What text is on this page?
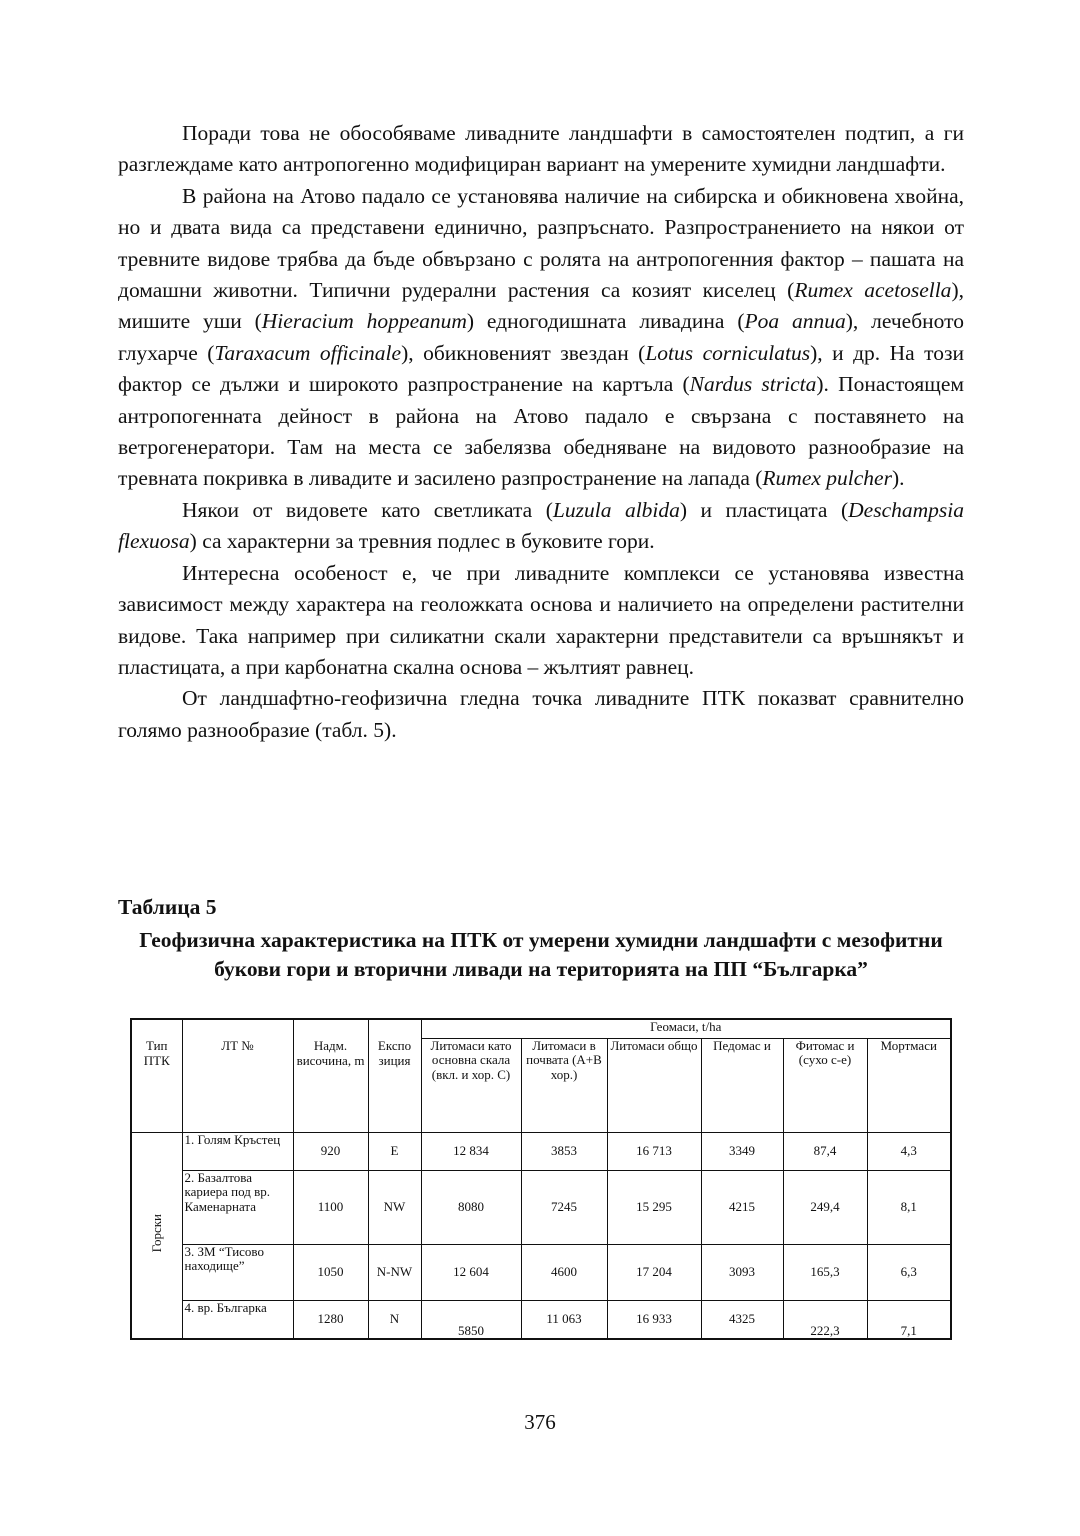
Поради това не обособяваме ливадните ландшафти в самостоятелен подтип, а ги разглеждаме като антропогенно модифициран вариант на умерените хумидни ландшафти.

В района на Атово падало се установява наличие на сибирска и обикновена хвойна, но и двата вида са представени единично, разпръснато. Разпространението на някои от тревните видове трябва да бъде обвързано с ролята на антропогенния фактор – пашата на домашни животни. Типични рудерални растения са козият киселец (Rumex acetosella), мишите уши (Hieracium hoppeanum) едногодишната ливадина (Poa annua), лечебното глухарче (Taraxacum officinale), обикновеният звездан (Lotus corniculatus), и др. На този фактор се дължи и широкото разпространение на картъла (Nardus stricta). Понастоящем антропогенната дейност в района на Атово падало е свързана с поставянето на ветрогенератори. Там на места се забелязва обедняване на видовото разнообразие на тревната покривка в ливадите и засилено разпространение на лапада (Rumex pulcher).

Някои от видовете като светликата (Luzula albida) и пластицата (Deschampsia flexuosa) са характерни за тревния подлес в буковите гори.

Интересна особеност е, че при ливадните комплекси се установява известна зависимост между характера на геоложката основа и наличието на определени растителни видове. Така например при силикатни скали характерни представители са връшнякът и пластицата, а при карбонатна скална основа – жълтият равнец.

От ландшафтно-геофизична гледна точка ливадните ПТК показват сравнително голямо разнообразие (табл. 5).

Таблица 5
Геофизична характеристика на ПТК от умерени хумидни ландшафти с мезофитни букови гори и вторични ливади на територията на ПП “Българка”
Тип ПТК	ЛТ №	Надм. височина, m	Експо зиция	Геомаси, t/ha					
				Литомаси като основна скала (вкл. и хор. С)	Литомаси в почвата (А+В хор.)	Литомаси общо	Педомас и	Фитомас и (сухо с-е)	Мортмаси
Горски	1. Голям Кръстец	920	E	12 834	3853	16 713	3349	87,4	4,3
	2. Базалтова кариера под вр. Каменарната	1100	NW	8080	7245	15 295	4215	249,4	8,1
	3. ЗМ “Тисово находище”	1050	N-NW	12 604	4600	17 204	3093	165,3	6,3
	4. вр. Българка	1280	N	5850	11 063	16 933	4325	222,3	7,1
376
